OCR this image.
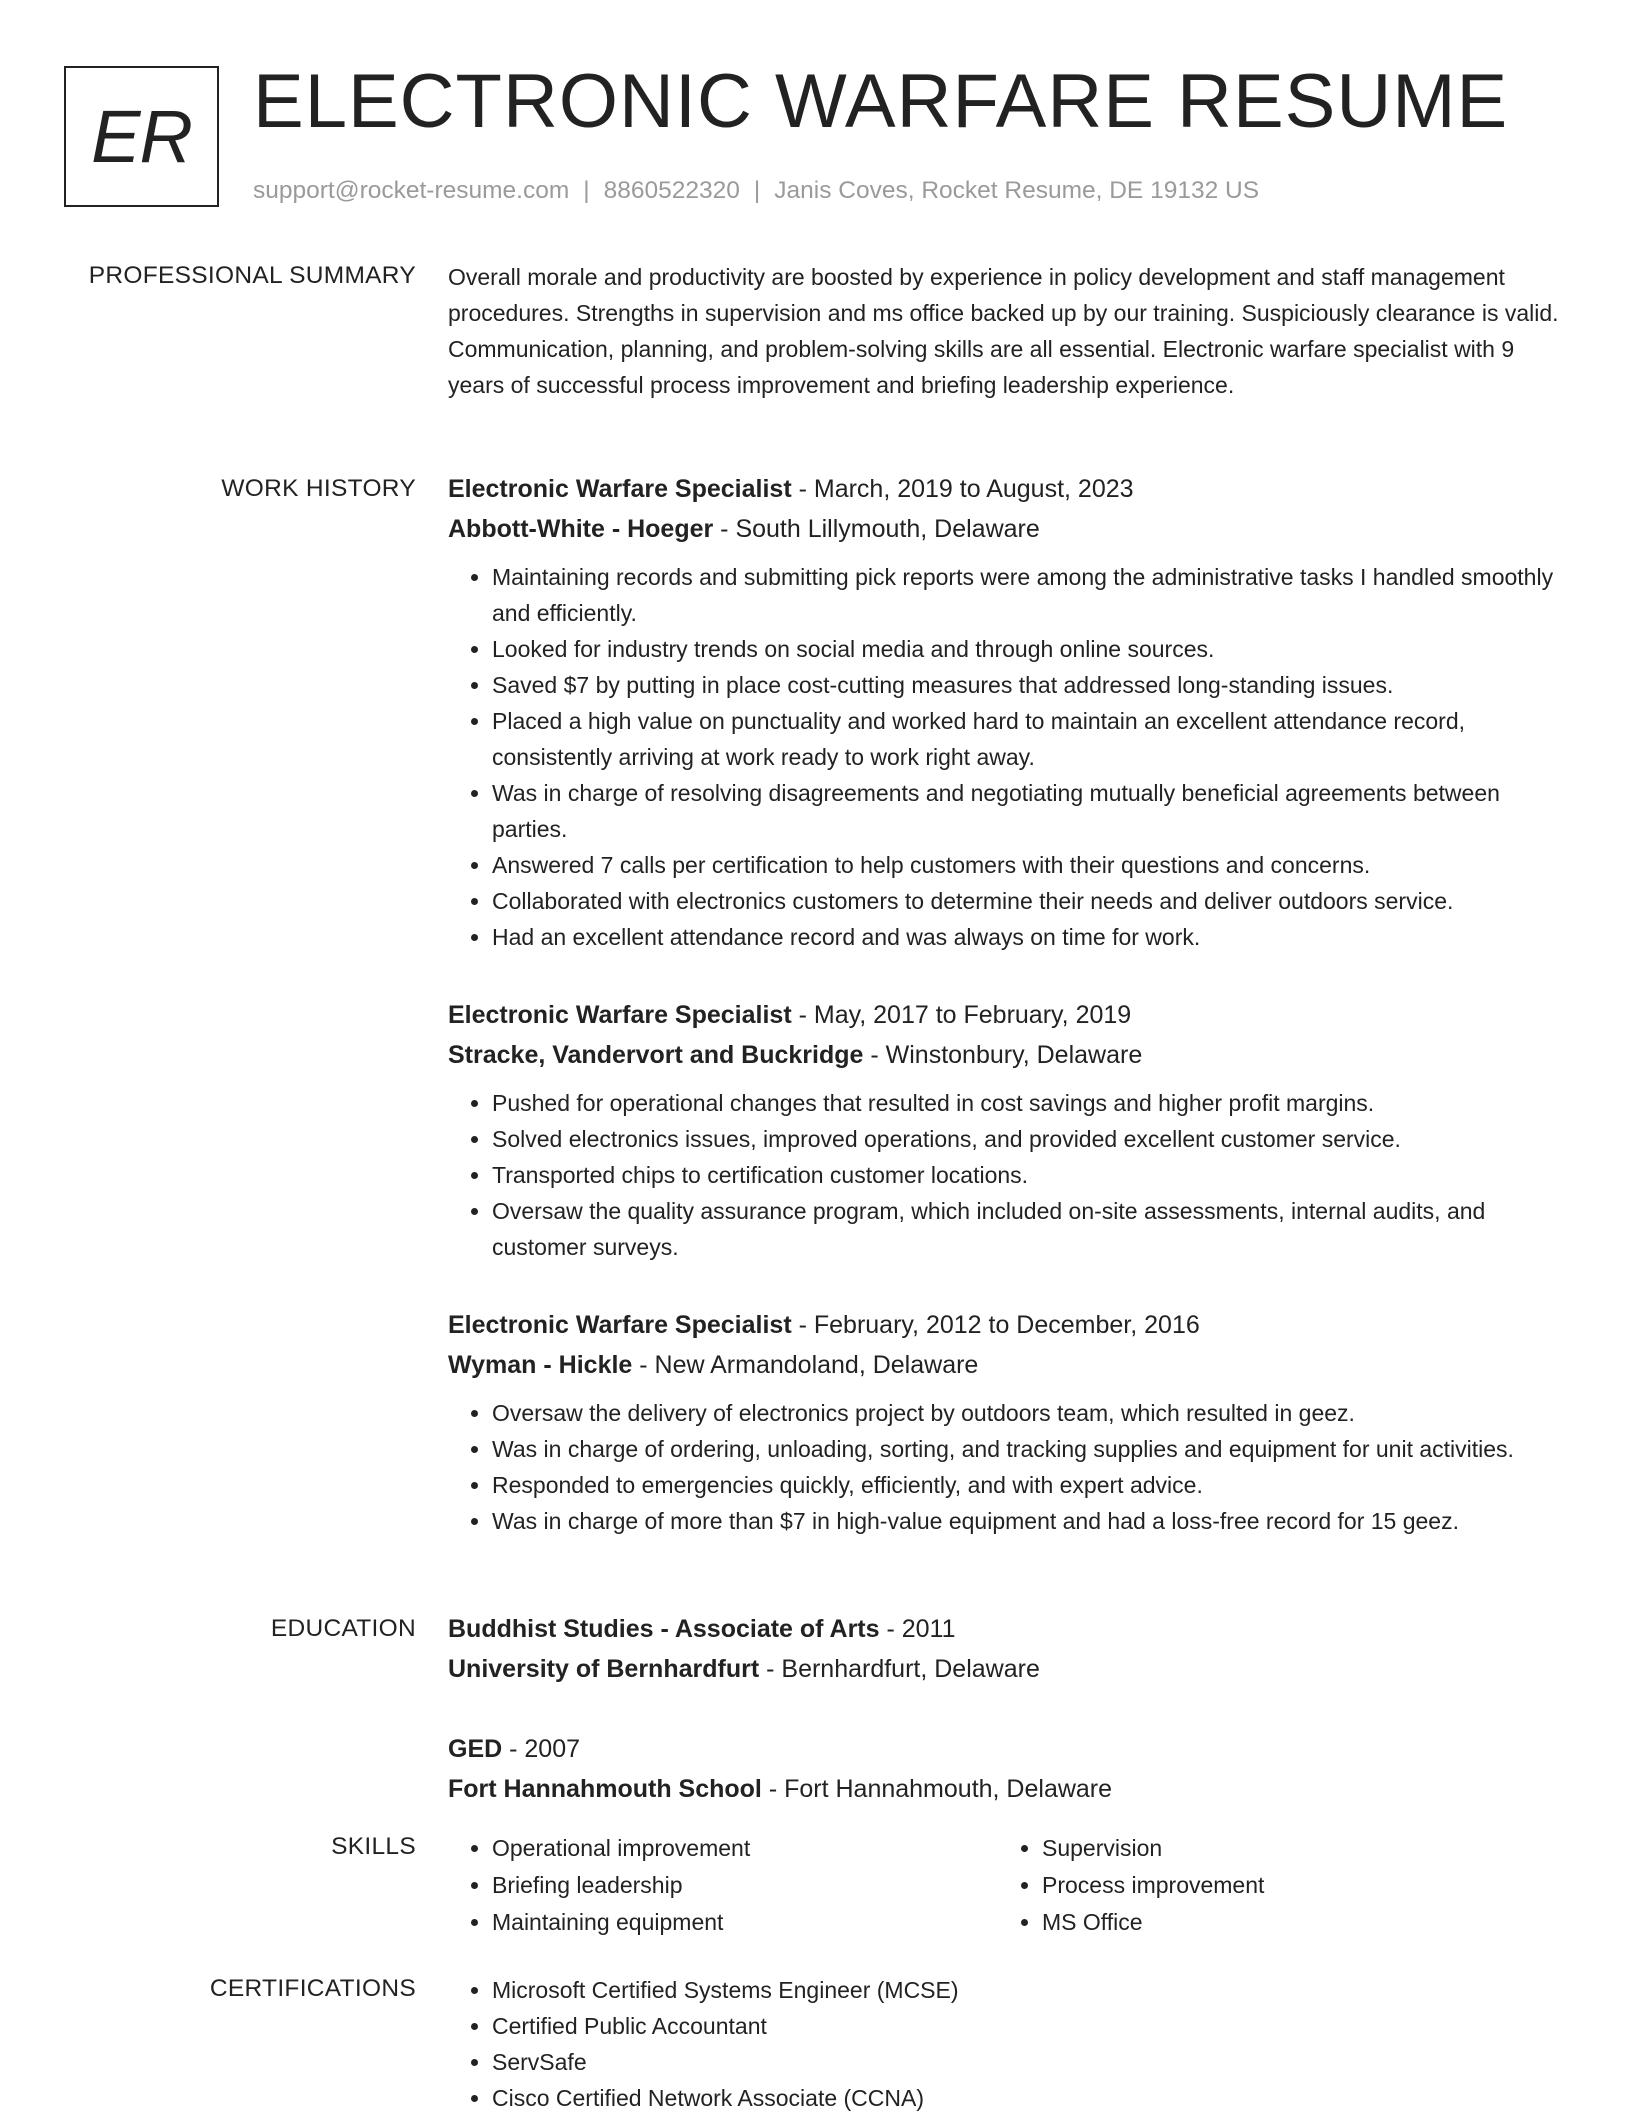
ER ELECTRONIC WARFARE RESUME
support@rocket-resume.com | 8860522320 | Janis Coves, Rocket Resume, DE 19132 US
PROFESSIONAL SUMMARY Overall morale and productivity are boosted by experience in policy development and staff management procedures. Strengths in supervision and ms office backed up by our training. Suspiciously clearance is valid. Communication, planning, and problem-solving skills are all essential. Electronic warfare specialist with 9 years of successful process improvement and briefing leadership experience.

WORK HISTORY Electronic Warfare Specialist - March, 2019 to August, 2023
Abbott-White - Hoeger - South Lillymouth, Delaware
• Maintaining records and submitting pick reports were among the administrative tasks I handled smoothly and efficiently.
• Looked for industry trends on social media and through online sources.
• Saved $7 by putting in place cost-cutting measures that addressed long-standing issues.
• Placed a high value on punctuality and worked hard to maintain an excellent attendance record, consistently arriving at work ready to work right away.
• Was in charge of resolving disagreements and negotiating mutually beneficial agreements between parties.
• Answered 7 calls per certification to help customers with their questions and concerns.
• Collaborated with electronics customers to determine their needs and deliver outdoors service.
• Had an excellent attendance record and was always on time for work.
Electronic Warfare Specialist - May, 2017 to February, 2019
Stracke, Vandervort and Buckridge - Winstonbury, Delaware
• Pushed for operational changes that resulted in cost savings and higher profit margins.
• Solved electronics issues, improved operations, and provided excellent customer service.
• Transported chips to certification customer locations.
• Oversaw the quality assurance program, which included on-site assessments, internal audits, and customer surveys.
Electronic Warfare Specialist - February, 2012 to December, 2016
Wyman - Hickle - New Armandoland, Delaware
• Oversaw the delivery of electronics project by outdoors team, which resulted in geez.
• Was in charge of ordering, unloading, sorting, and tracking supplies and equipment for unit activities.
• Responded to emergencies quickly, efficiently, and with expert advice.
• Was in charge of more than $7 in high-value equipment and had a loss-free record for 15 geez.
EDUCATION Buddhist Studies - Associate of Arts - 2011
University of Bernhardfurt - Bernhardfurt, Delaware
GED - 2007
Fort Hannahmouth School - Fort Hannahmouth, Delaware
SKILLS	• Operational improvement
• Briefing leadership
• Maintaining equipment
• Supervision
• Process improvement
• MS Office
CERTIFICATIONS	• Microsoft Certified Systems Engineer (MCSE)
• Certified Public Accountant
• ServSafe
• Cisco Certified Network Associate (CCNA)
